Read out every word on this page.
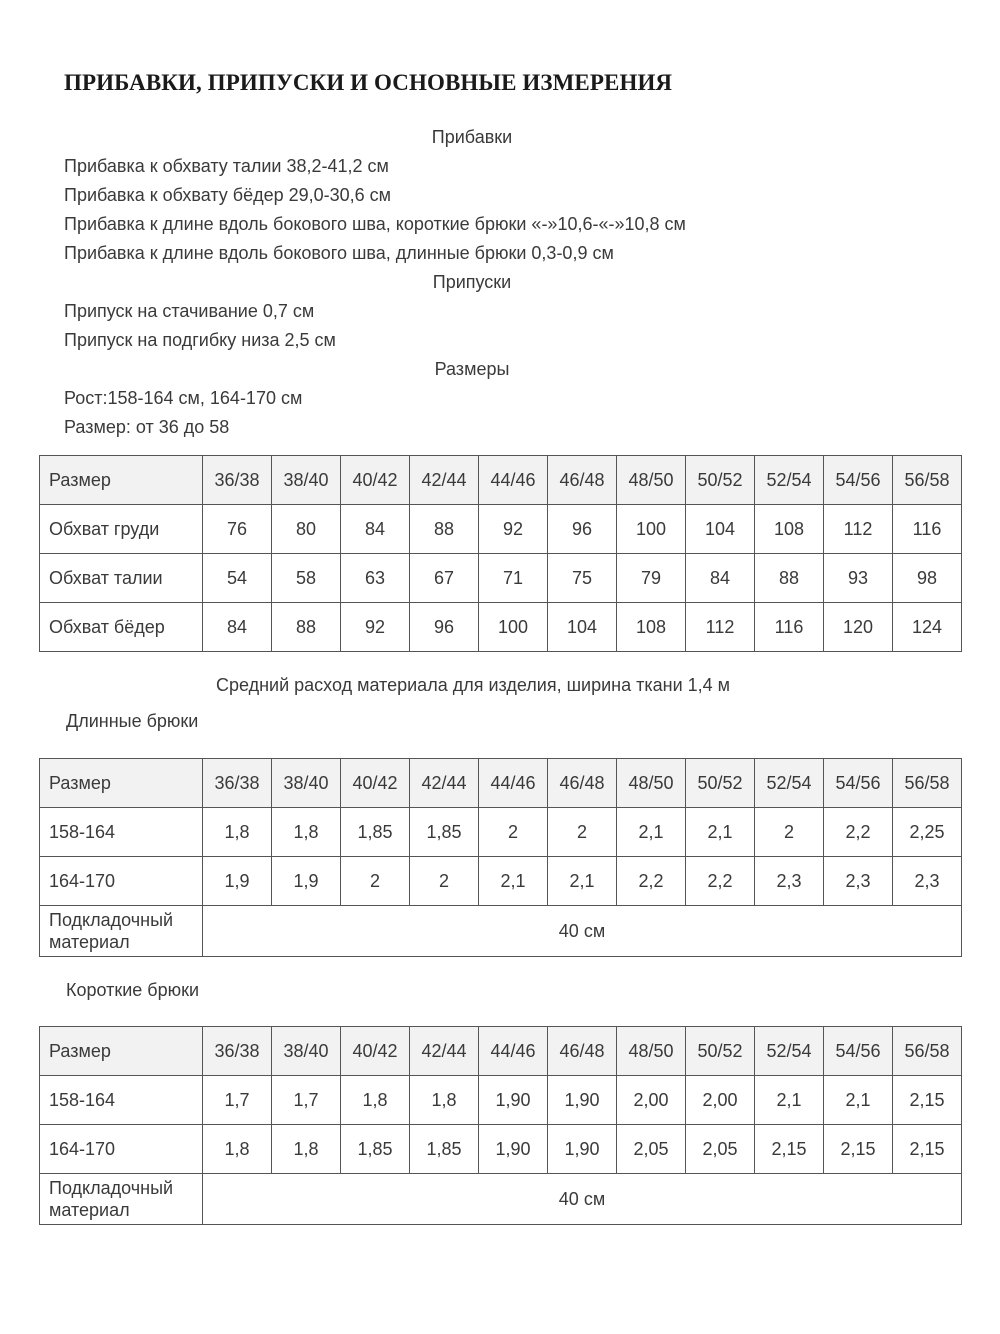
ПРИБАВКИ, ПРИПУСКИ И ОСНОВНЫЕ ИЗМЕРЕНИЯ
Прибавки
Прибавка к обхвату талии 38,2-41,2 см
Прибавка к обхвату бёдер 29,0-30,6 см
Прибавка к длине вдоль бокового шва, короткие брюки «-»10,6-«-»10,8 см
Прибавка к длине вдоль бокового шва, длинные брюки 0,3-0,9 см
Припуски
Припуск на стачивание 0,7 см
Припуск на подгибку низа 2,5 см
Размеры
Рост:158-164 см, 164-170 см
Размер: от 36 до 58
Размер	36/38	38/40	40/42	42/44	44/46	46/48	48/50	50/52	52/54	54/56	56/58
Обхват груди	76	80	84	88	92	96	100	104	108	112	116
Обхват талии	54	58	63	67	71	75	79	84	88	93	98
Обхват бёдер	84	88	92	96	100	104	108	112	116	120	124
Средний расход материала для изделия, ширина ткани 1,4 м
Длинные брюки
Размер	36/38	38/40	40/42	42/44	44/46	46/48	48/50	50/52	52/54	54/56	56/58
158-164	1,8	1,8	1,85	1,85	2	2	2,1	2,1	2	2,2	2,25
164-170	1,9	1,9	2	2	2,1	2,1	2,2	2,2	2,3	2,3	2,3
Подкладочный
материал	40 см										
Короткие брюки
Размер	36/38	38/40	40/42	42/44	44/46	46/48	48/50	50/52	52/54	54/56	56/58
158-164	1,7	1,7	1,8	1,8	1,90	1,90	2,00	2,00	2,1	2,1	2,15
164-170	1,8	1,8	1,85	1,85	1,90	1,90	2,05	2,05	2,15	2,15	2,15
Подкладочный
материал	40 см										
